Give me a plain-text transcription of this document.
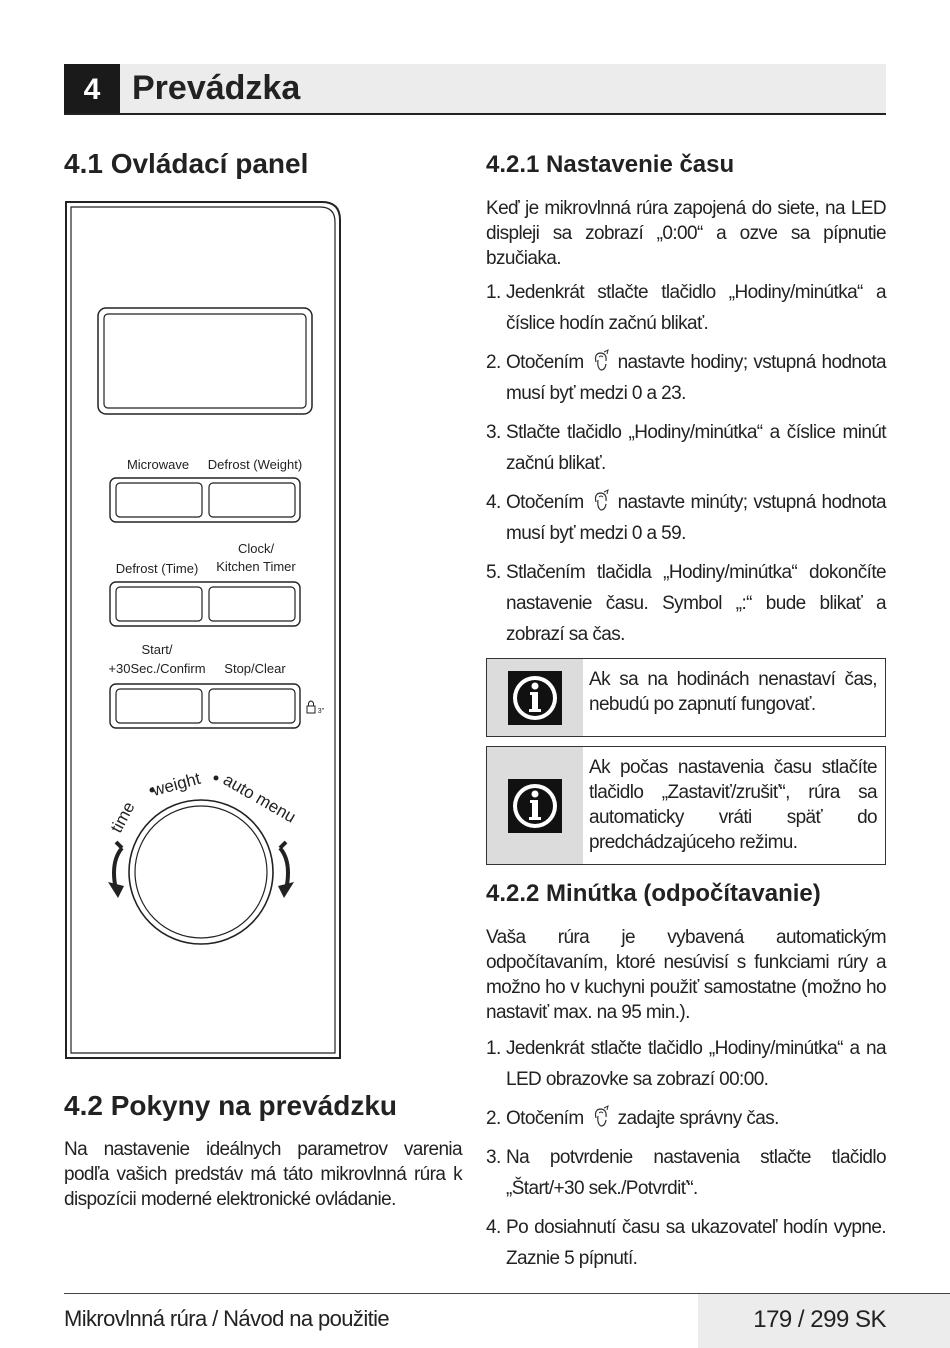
4 Prevádzka
4.1 Ovládací panel
Microwave Defrost (Weight)
Clock/
Kitchen Timer
Defrost (Time)
Start/
+30Sec./Confirm Stop/Clear
3"
time
weight auto menu
4.2 Pokyny na prevádzku
Na nastavenie ideálnych parametrov varenia podľa vašich predstáv má táto mikrovlnná rúra k dispozícii moderné elektronické ovládanie.
4.2.1 Nastavenie času
Keď je mikrovlnná rúra zapojená do siete, na LED displeji sa zobrazí „0:00“ a ozve sa pípnutie bzučiaka.
1. Jedenkrát stlačte tlačidlo „Hodiny/minútka“ a číslice hodín začnú blikať.
2. Otočením nastavte hodiny; vstupná hodnota musí byť medzi 0 a 23.
3. Stlačte tlačidlo „Hodiny/minútka“ a číslice minút začnú blikať.
4. Otočením nastavte minúty; vstupná hodnota musí byť medzi 0 a 59.
5. Stlačením tlačidla „Hodiny/minútka“ dokončíte nastavenie času. Symbol „:“ bude blikať a zobrazí sa čas.
Ak sa na hodinách nenastaví čas, nebudú po zapnutí fungovať.
Ak počas nastavenia času stlačíte tlačidlo „Zastaviť/zrušiť“, rúra sa automaticky vráti späť do predchádzajúceho režimu.
4.2.2 Minútka (odpočítavanie)
Vaša rúra je vybavená automatickým odpočítavaním, ktoré nesúvisí s funkciami rúry a možno ho v kuchyni použiť samostatne (možno ho nastaviť max. na 95 min.).
1. Jedenkrát stlačte tlačidlo „Hodiny/minútka“ a na LED obrazovke sa zobrazí 00:00.
2. Otočením zadajte správny čas.
3. Na potvrdenie nastavenia stlačte tlačidlo „Štart/+30 sek./Potvrdiť“.
4. Po dosiahnutí času sa ukazovateľ hodín vypne. Zaznie 5 pípnutí.
Mikrovlnná rúra / Návod na použitie	179 / 299 SK
